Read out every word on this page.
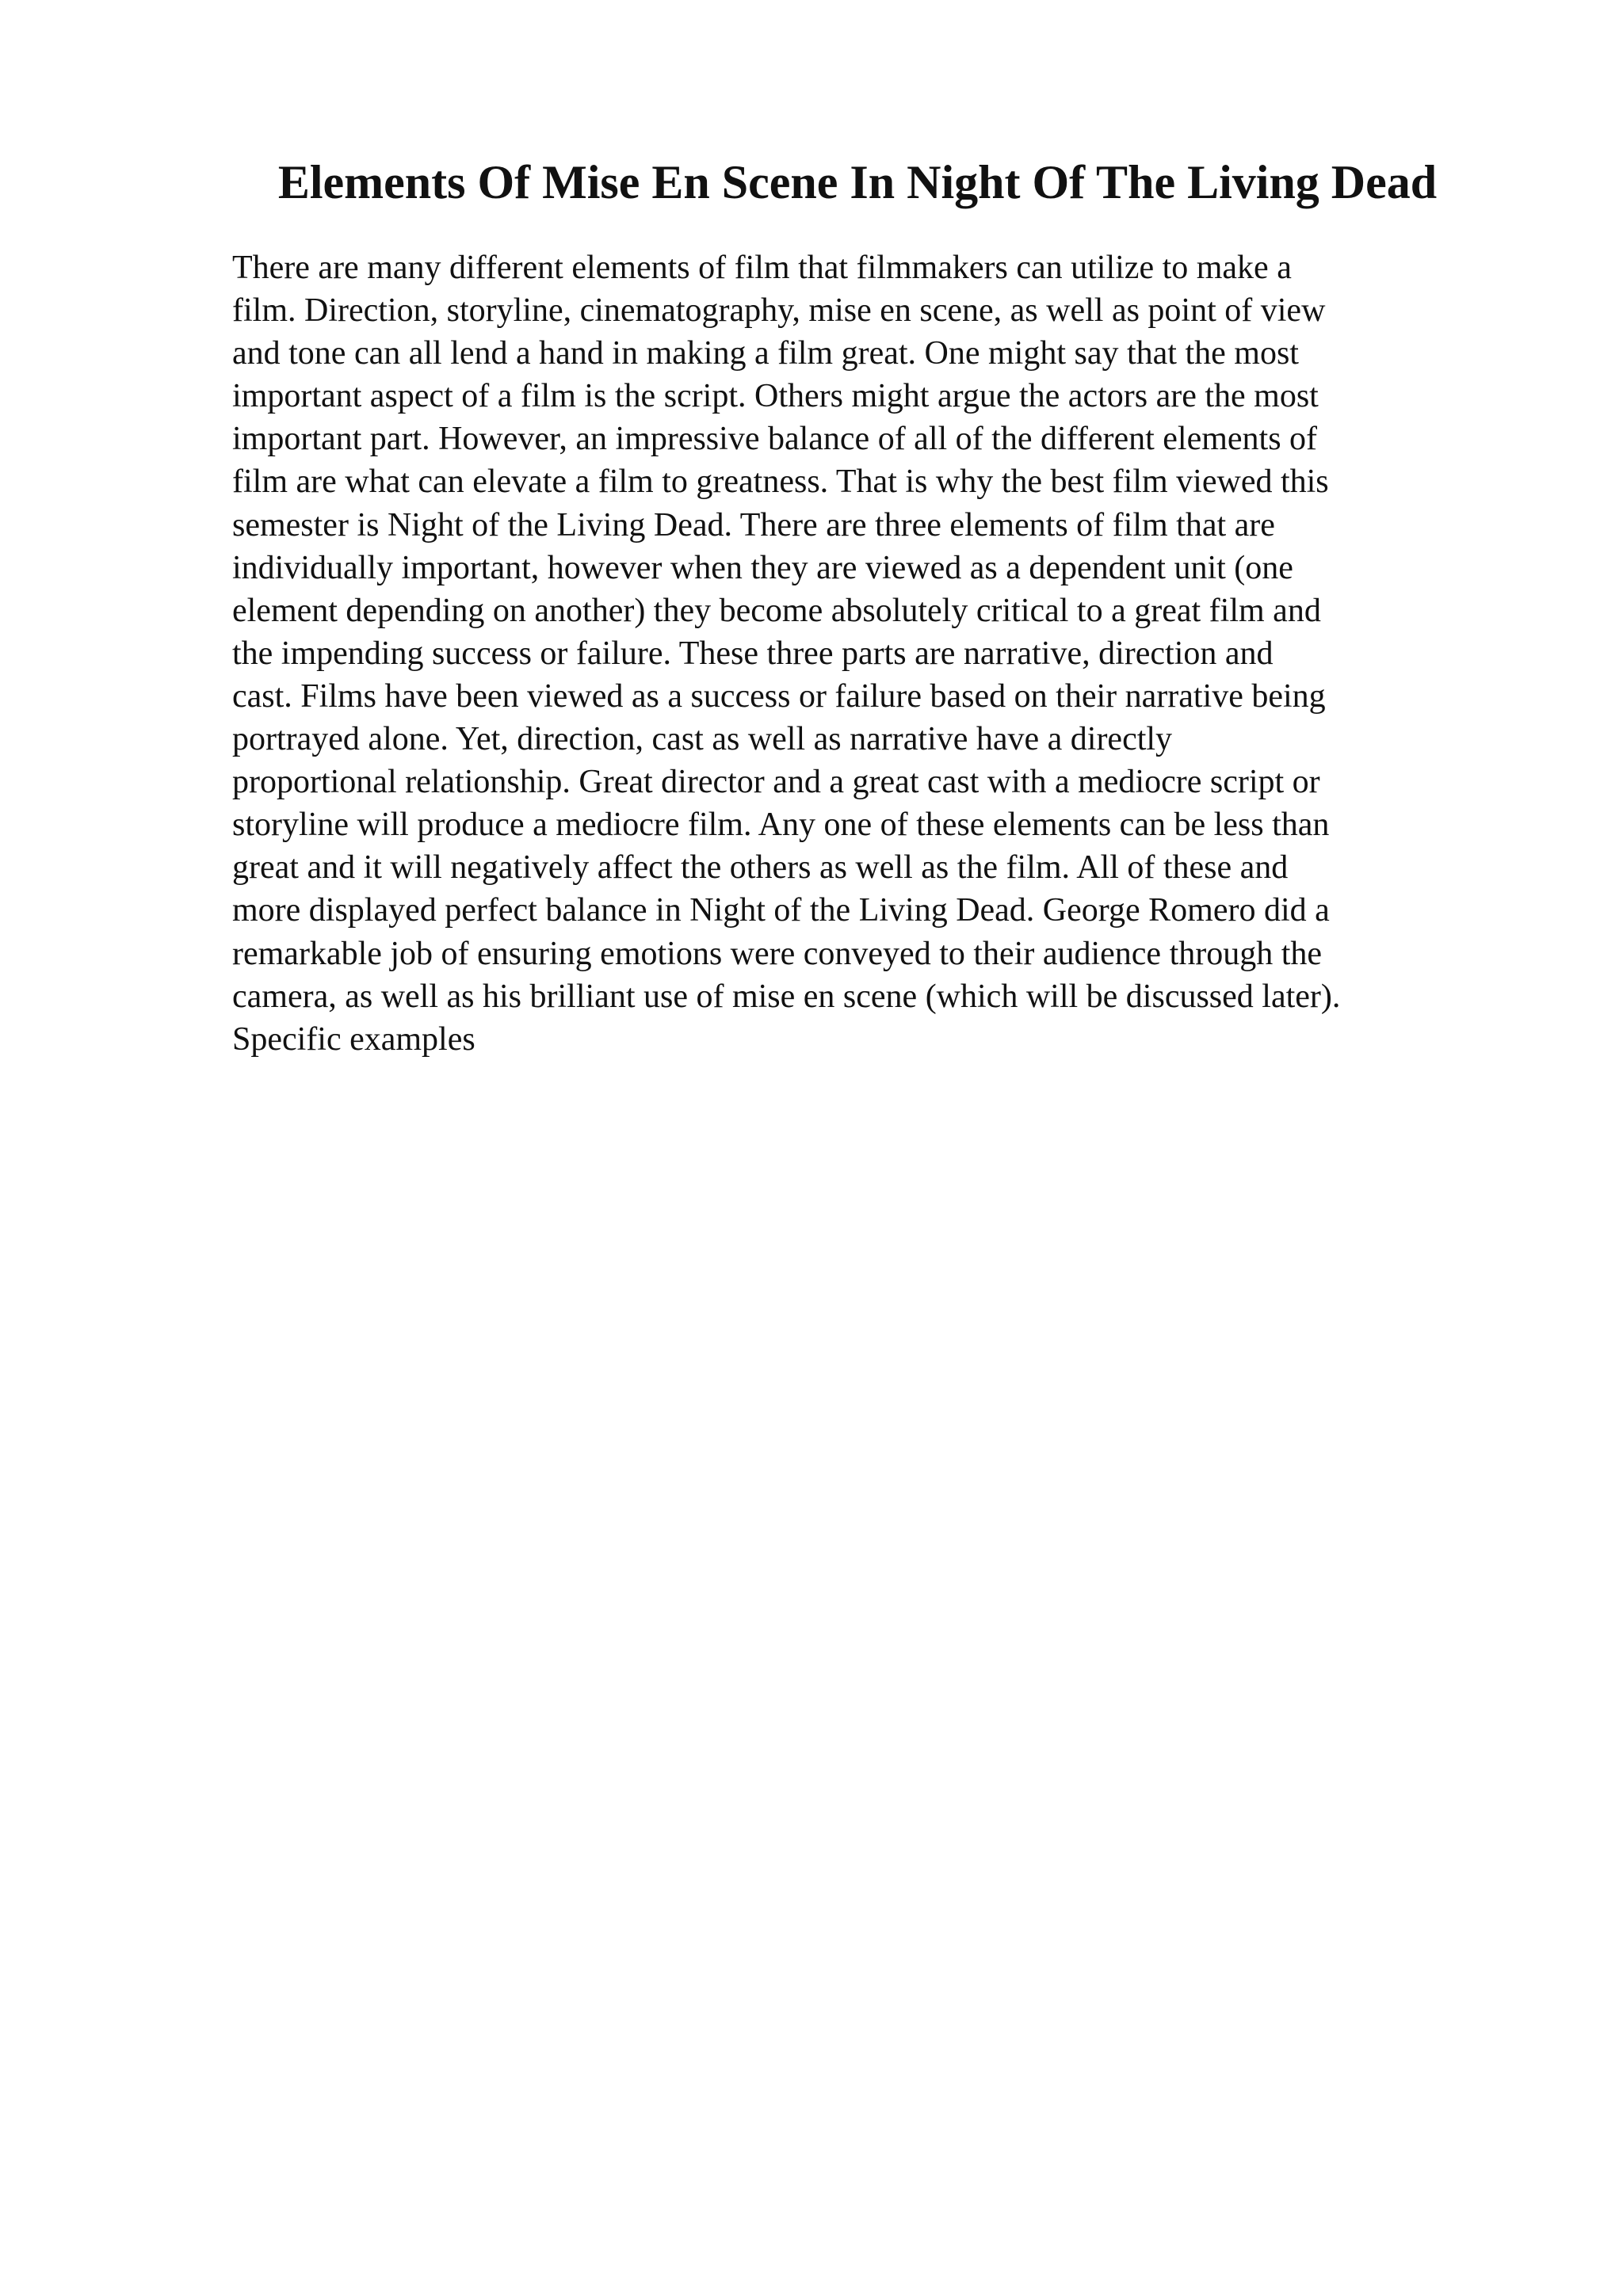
Elements Of Mise En Scene In Night Of The Living Dead
There are many different elements of film that filmmakers can utilize to make a
film. Direction, storyline, cinematography, mise en scene, as well as point of view
and tone can all lend a hand in making a film great. One might say that the most
important aspect of a film is the script. Others might argue the actors are the most
important part. However, an impressive balance of all of the different elements of
film are what can elevate a film to greatness. That is why the best film viewed this
semester is Night of the Living Dead. There are three elements of film that are
individually important, however when they are viewed as a dependent unit (one
element depending on another) they become absolutely critical to a great film and
the impending success or failure. These three parts are narrative, direction and
cast. Films have been viewed as a success or failure based on their narrative being
portrayed alone. Yet, direction, cast as well as narrative have a directly
proportional relationship. Great director and a great cast with a mediocre script or
storyline will produce a mediocre film. Any one of these elements can be less than
great and it will negatively affect the others as well as the film. All of these and
more displayed perfect balance in Night of the Living Dead. George Romero did a
remarkable job of ensuring emotions were conveyed to their audience through the
camera, as well as his brilliant use of mise en scene (which will be discussed later).
Specific examples
